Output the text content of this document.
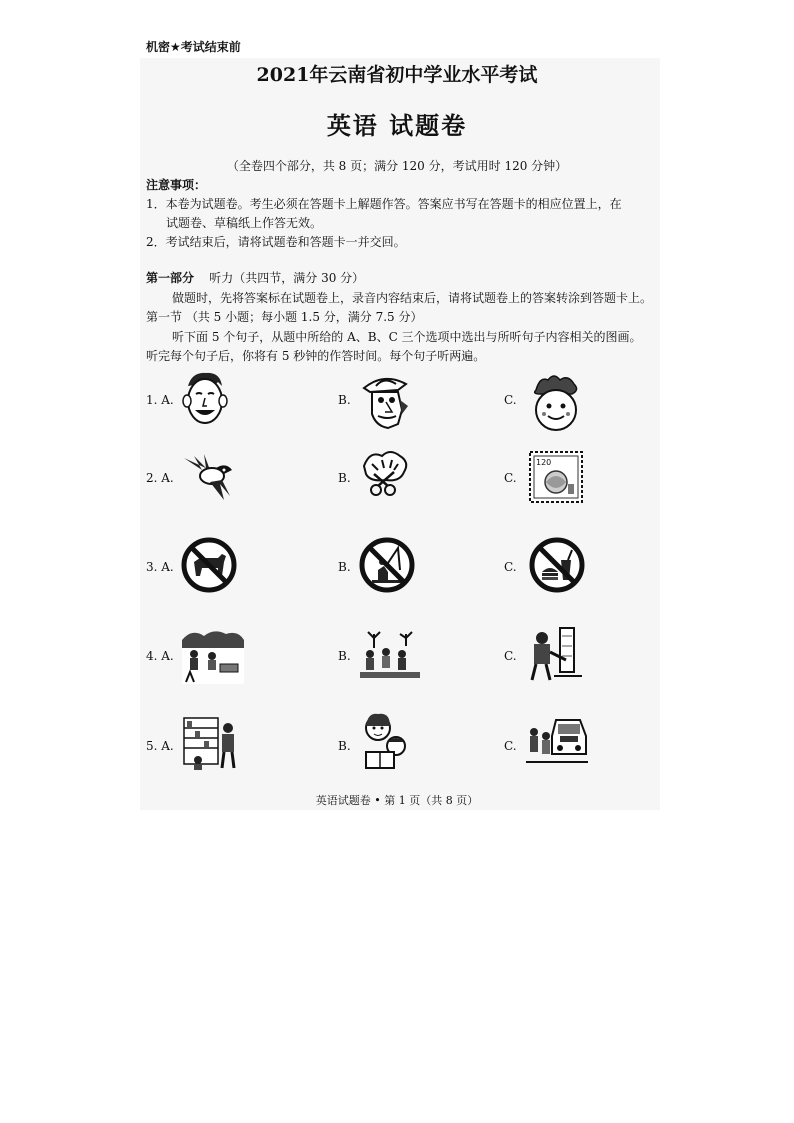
机密★考试结束前
2021年云南省初中学业水平考试
英语 试题卷
（全卷四个部分，共 8 页；满分 120 分，考试用时 120 分钟）
注意事项：
1．本卷为试题卷。考生必须在答题卡上解题作答。答案应书写在答题卡的相应位置上，在
试题卷、草稿纸上作答无效。
2．考试结束后，请将试题卷和答题卡一并交回。
第一部分 听力（共四节，满分 30 分）
做题时，先将答案标在试题卷上，录音内容结束后，请将试题卷上的答案转涂到答题卡上。
第一节 （共 5 小题；每小题 1.5 分，满分 7.5 分）
听下面 5 个句子，从题中所给的 A、B、C 三个选项中选出与所听句子内容相关的图画。
听完每个句子后，你将有 5 秒钟的作答时间。每个句子听两遍。
1. A.	B.	C.
2. A.	B.	C.
120
3. A.	B.	C.
4. A.	B.	C.
5. A.	B.	C.
英语试题卷 • 第 1 页（共 8 页）
